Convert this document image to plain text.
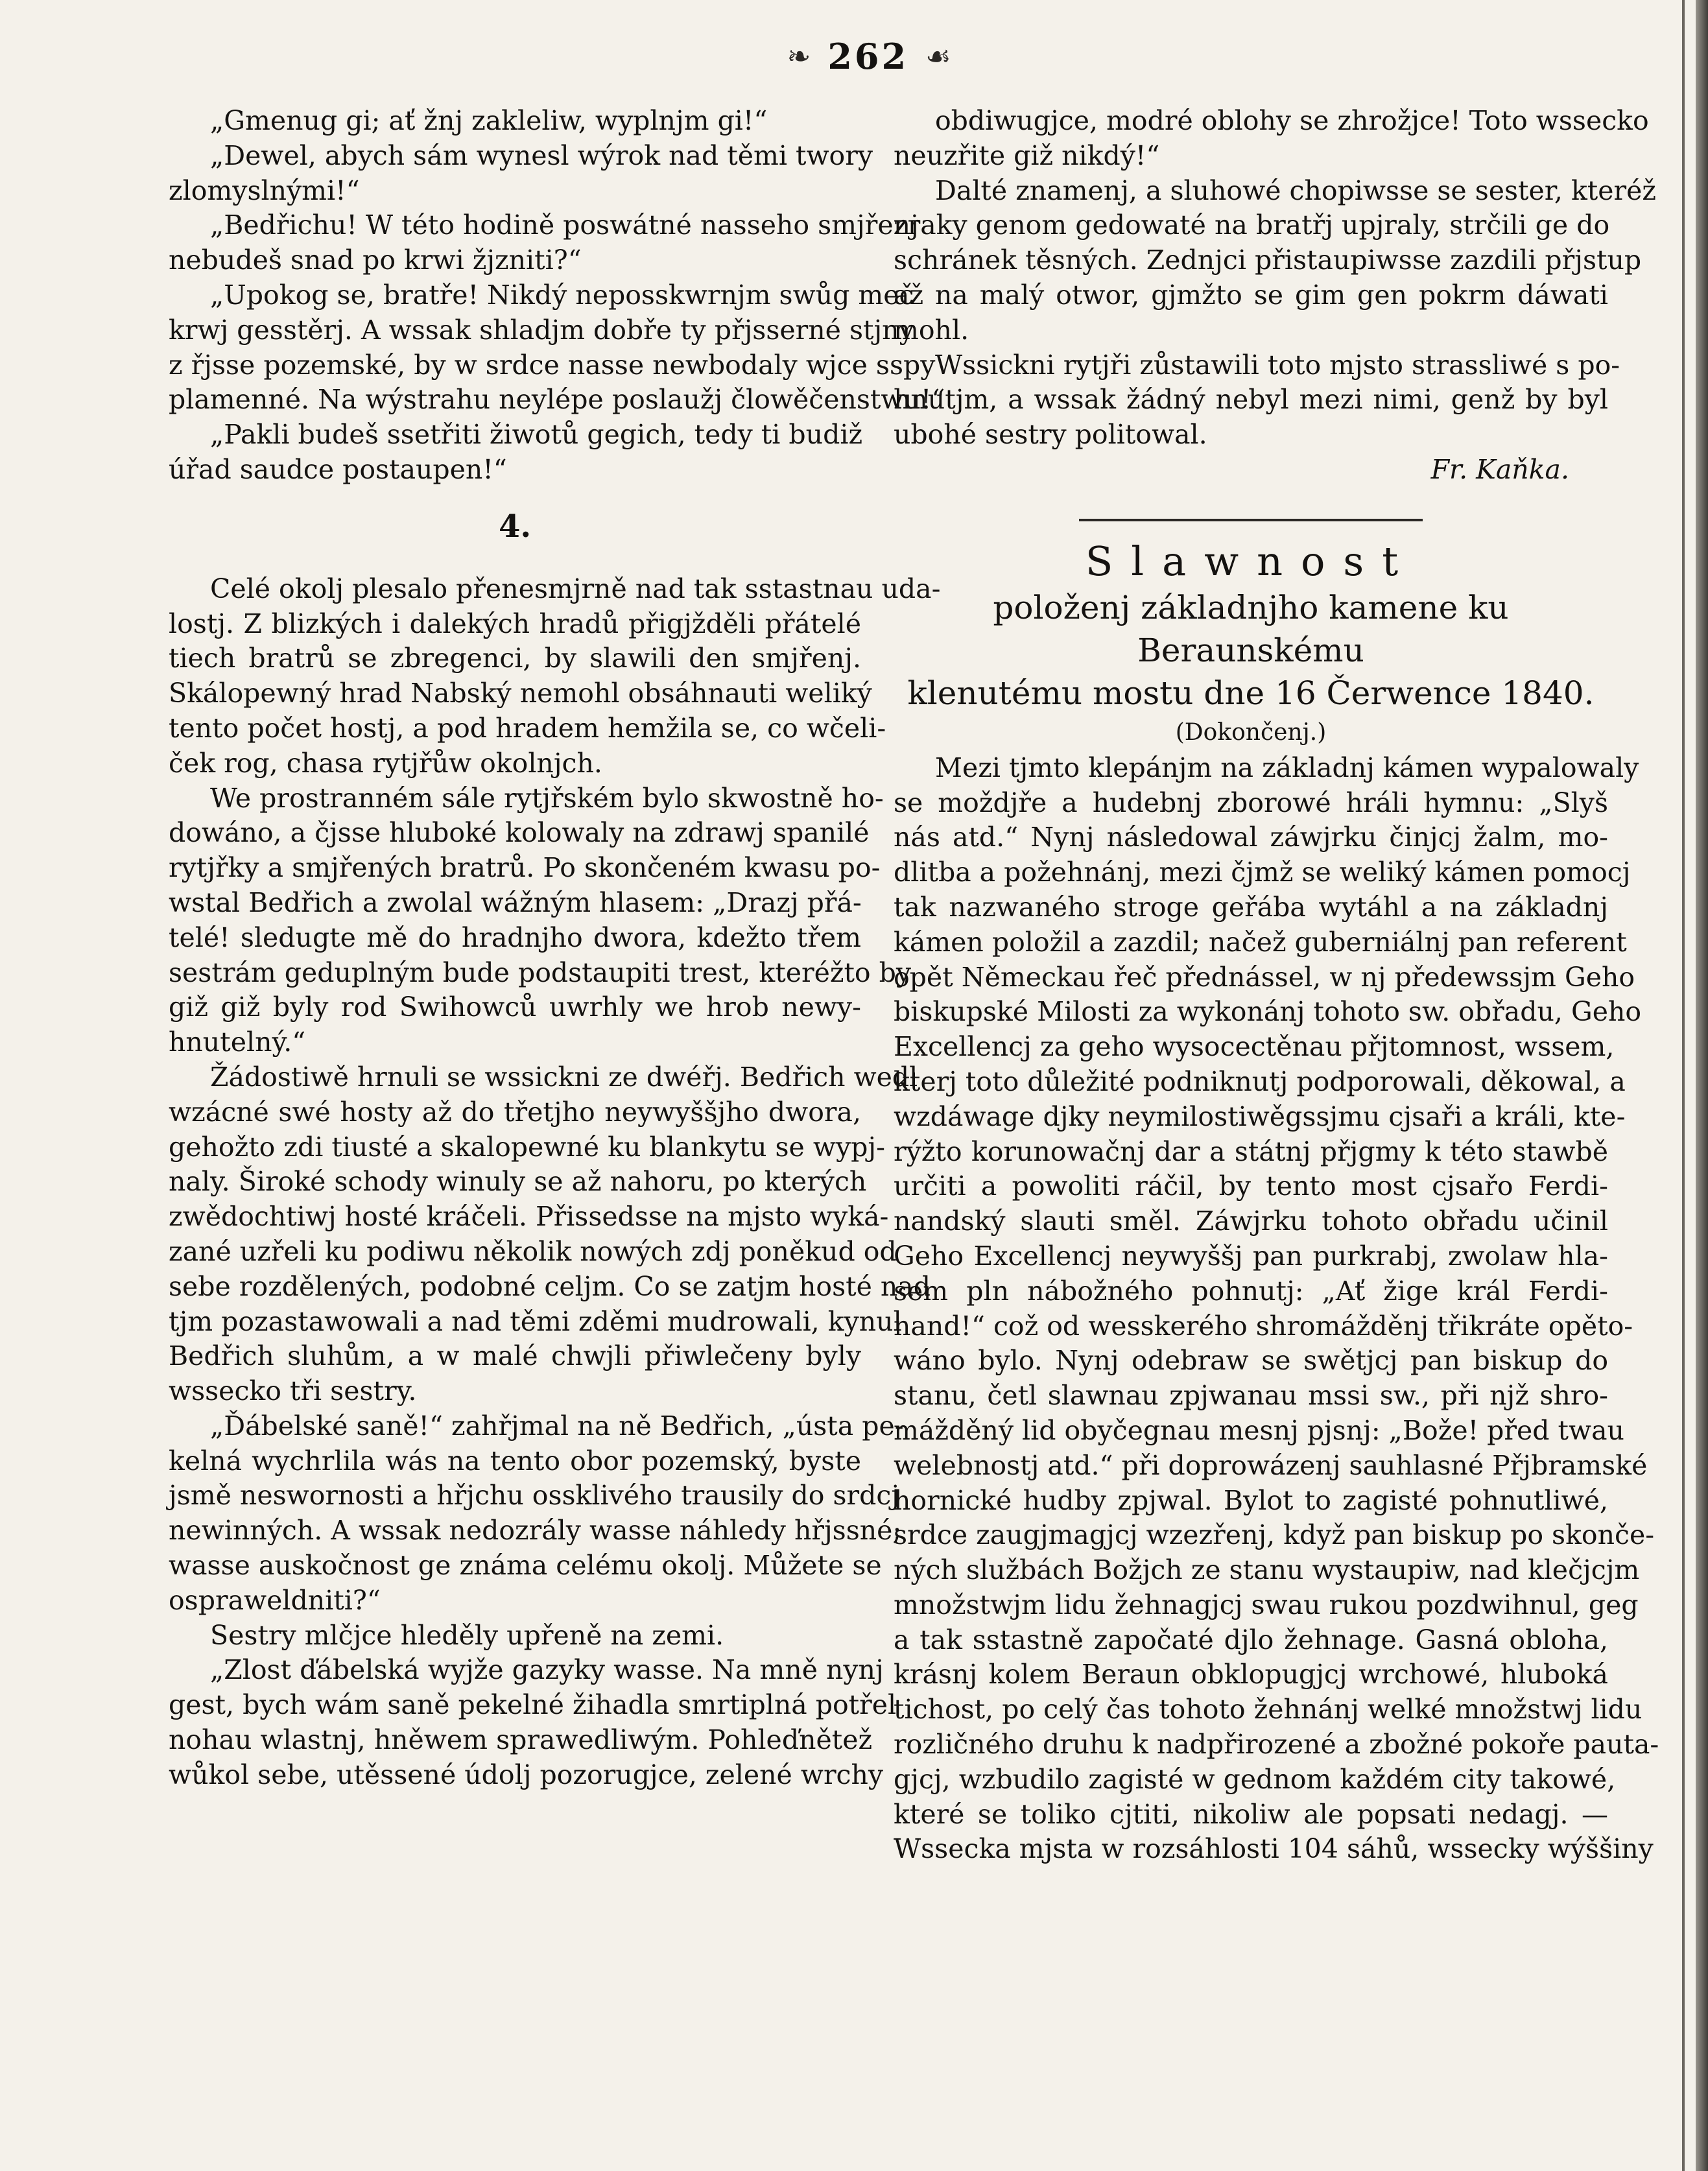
❧ 262 ☙

„Gmenug gi; ať žnj zakleliw, wyplnjm gi!“

„Dewel, abych sám wynesl wýrok nad těmi twory
zlomyslnými!“

„Bedřichu! W této hodině poswátné nasseho smjřenj
nebudeš snad po krwi žjzniti?“

„Upokog se, bratře! Nikdý neposskwrnjm swůg meč
krwj gesstěrj. A wssak shladjm dobře ty přjsserné stjny
z řjsse pozemské, by w srdce nasse newbodaly wjce sspy
plamenné. Na wýstrahu neylépe poslaužj člowěčenstwu!“

„Pakli budeš ssetřiti žiwotů gegich, tedy ti budiž
úřad saudce postaupen!“

4.

Celé okolj plesalo přenesmjrně nad tak sstastnau uda-
lostj. Z blizkých i dalekých hradů přigjžděli přátelé
tiech bratrů se zbregenci, by slawili den smjřenj.
Skálopewný hrad Nabský nemohl obsáhnauti weliký
tento počet hostj, a pod hradem hemžila se, co wčeli-
ček rog, chasa rytjřůw okolnjch.

We prostranném sále rytjřském bylo skwostně ho-
dowáno, a čjsse hluboké kolowaly na zdrawj spanilé
rytjřky a smjřených bratrů. Po skončeném kwasu po-
wstal Bedřich a zwolal wážným hlasem: „Drazj přá-
telé! sledugte mě do hradnjho dwora, kdežto třem
sestrám geduplným bude podstaupiti trest, kteréžto by
giž giž byly rod Swihowců uwrhly we hrob newy-
hnutelný.“

Žádostiwě hrnuli se wssickni ze dwéřj. Bedřich wedl
wzácné swé hosty až do třetjho neywyššjho dwora,
gehožto zdi tiusté a skalopewné ku blankytu se wypj-
naly. Široké schody winuly se až nahoru, po kterých
zwědochtiwj hosté kráčeli. Přissedsse na mjsto wyká-
zané uzřeli ku podiwu několik nowých zdj poněkud od
sebe rozdělených, podobné celjm. Co se zatjm hosté nad
tjm pozastawowali a nad těmi zděmi mudrowali, kynul
Bedřich sluhům, a w malé chwjli přiwlečeny byly
wssecko tři sestry.

„Ďábelské saně!“ zahřjmal na ně Bedřich, „ústa pe-
kelná wychrlila wás na tento obor pozemský, byste
jsmě neswornosti a hřjchu ossklivého trausily do srdcj
newinných. A wssak nedozrály wasse náhledy hřjssné;
wasse auskočnost ge známa celému okolj. Můžete se
ospraweldniti?“

Sestry mlčjce hleděly upřeně na zemi.

„Zlost ďábelská wyjže gazyky wasse. Na mně nynj
gest, bych wám saně pekelné žihadla smrtiplná potřel
nohau wlastnj, hněwem sprawedliwým. Pohleďnětež
wůkol sebe, utěssené údolj pozorugjce, zelené wrchy

obdiwugjce, modré oblohy se zhrožjce! Toto wssecko
neuzřite giž nikdý!“

Dalté znamenj, a sluhowé chopiwsse se sester, kteréž
zraky genom gedowaté na bratřj upjraly, strčili ge do
schránek těsných. Zednjci přistaupiwsse zazdili přjstup
až na malý otwor, gjmžto se gim gen pokrm dáwati
mohl.

Wssickni rytjři zůstawili toto mjsto strassliwé s po-
hnutjm, a wssak žádný nebyl mezi nimi, genž by byl
ubohé sestry politowal.

Fr. Kaňka.
Slawnost
položenj základnjho kamene ku Beraunskému
klenutému mostu dne 16 Čerwence 1840.
(Dokončenj.)

Mezi tjmto klepánjm na základnj kámen wypalowaly
se moždjře a hudebnj zborowé hráli hymnu: „Slyš
nás atd.“ Nynj následowal záwjrku činjcj žalm, mo-
dlitba a požehnánj, mezi čjmž se weliký kámen pomocj
tak nazwaného stroge geřába wytáhl a na základnj
kámen položil a zazdil; načež guberniálnj pan referent
opět Německau řeč přednássel, w nj předewssjm Geho
biskupské Milosti za wykonánj tohoto sw. obřadu, Geho
Excellencj za geho wysocectěnau přjtomnost, wssem,
kterj toto důležité podniknutj podporowali, děkowal, a
wzdáwage djky neymilostiwěgssjmu cjsaři a králi, kte-
rýžto korunowačnj dar a státnj přjgmy k této stawbě
určiti a powoliti ráčil, by tento most cjsařo Ferdi-
nandský slauti směl. Záwjrku tohoto obřadu učinil
Geho Excellencj neywyššj pan purkrabj, zwolaw hla-
sem pln nábožného pohnutj: „Ať žige král Ferdi-
nand!“ což od wesskerého shromážděnj třikráte opěto-
wáno bylo. Nynj odebraw se swětjcj pan biskup do
stanu, četl slawnau zpjwanau mssi sw., při njž shro-
mážděný lid obyčegnau mesnj pjsnj: „Bože! před twau
welebnostj atd.“ při doprowázenj sauhlasné Přjbramské
hornické hudby zpjwal. Bylot to zagisté pohnutliwé,
srdce zaugjmagjcj wzezřenj, když pan biskup po skonče-
ných službách Božjch ze stanu wystaupiw, nad klečjcjm
množstwjm lidu žehnagjcj swau rukou pozdwihnul, geg
a tak sstastně započaté djlo žehnage. Gasná obloha,
krásnj kolem Beraun obklopugjcj wrchowé, hluboká
tichost, po celý čas tohoto žehnánj welké množstwj lidu
rozličného druhu k nadpřirozené a zbožné pokoře pauta-
gjcj, wzbudilo zagisté w gednom každém city takowé,
které se toliko cjtiti, nikoliw ale popsati nedagj. —
Wssecka mjsta w rozsáhlosti 104 sáhů, wssecky wýššiny
